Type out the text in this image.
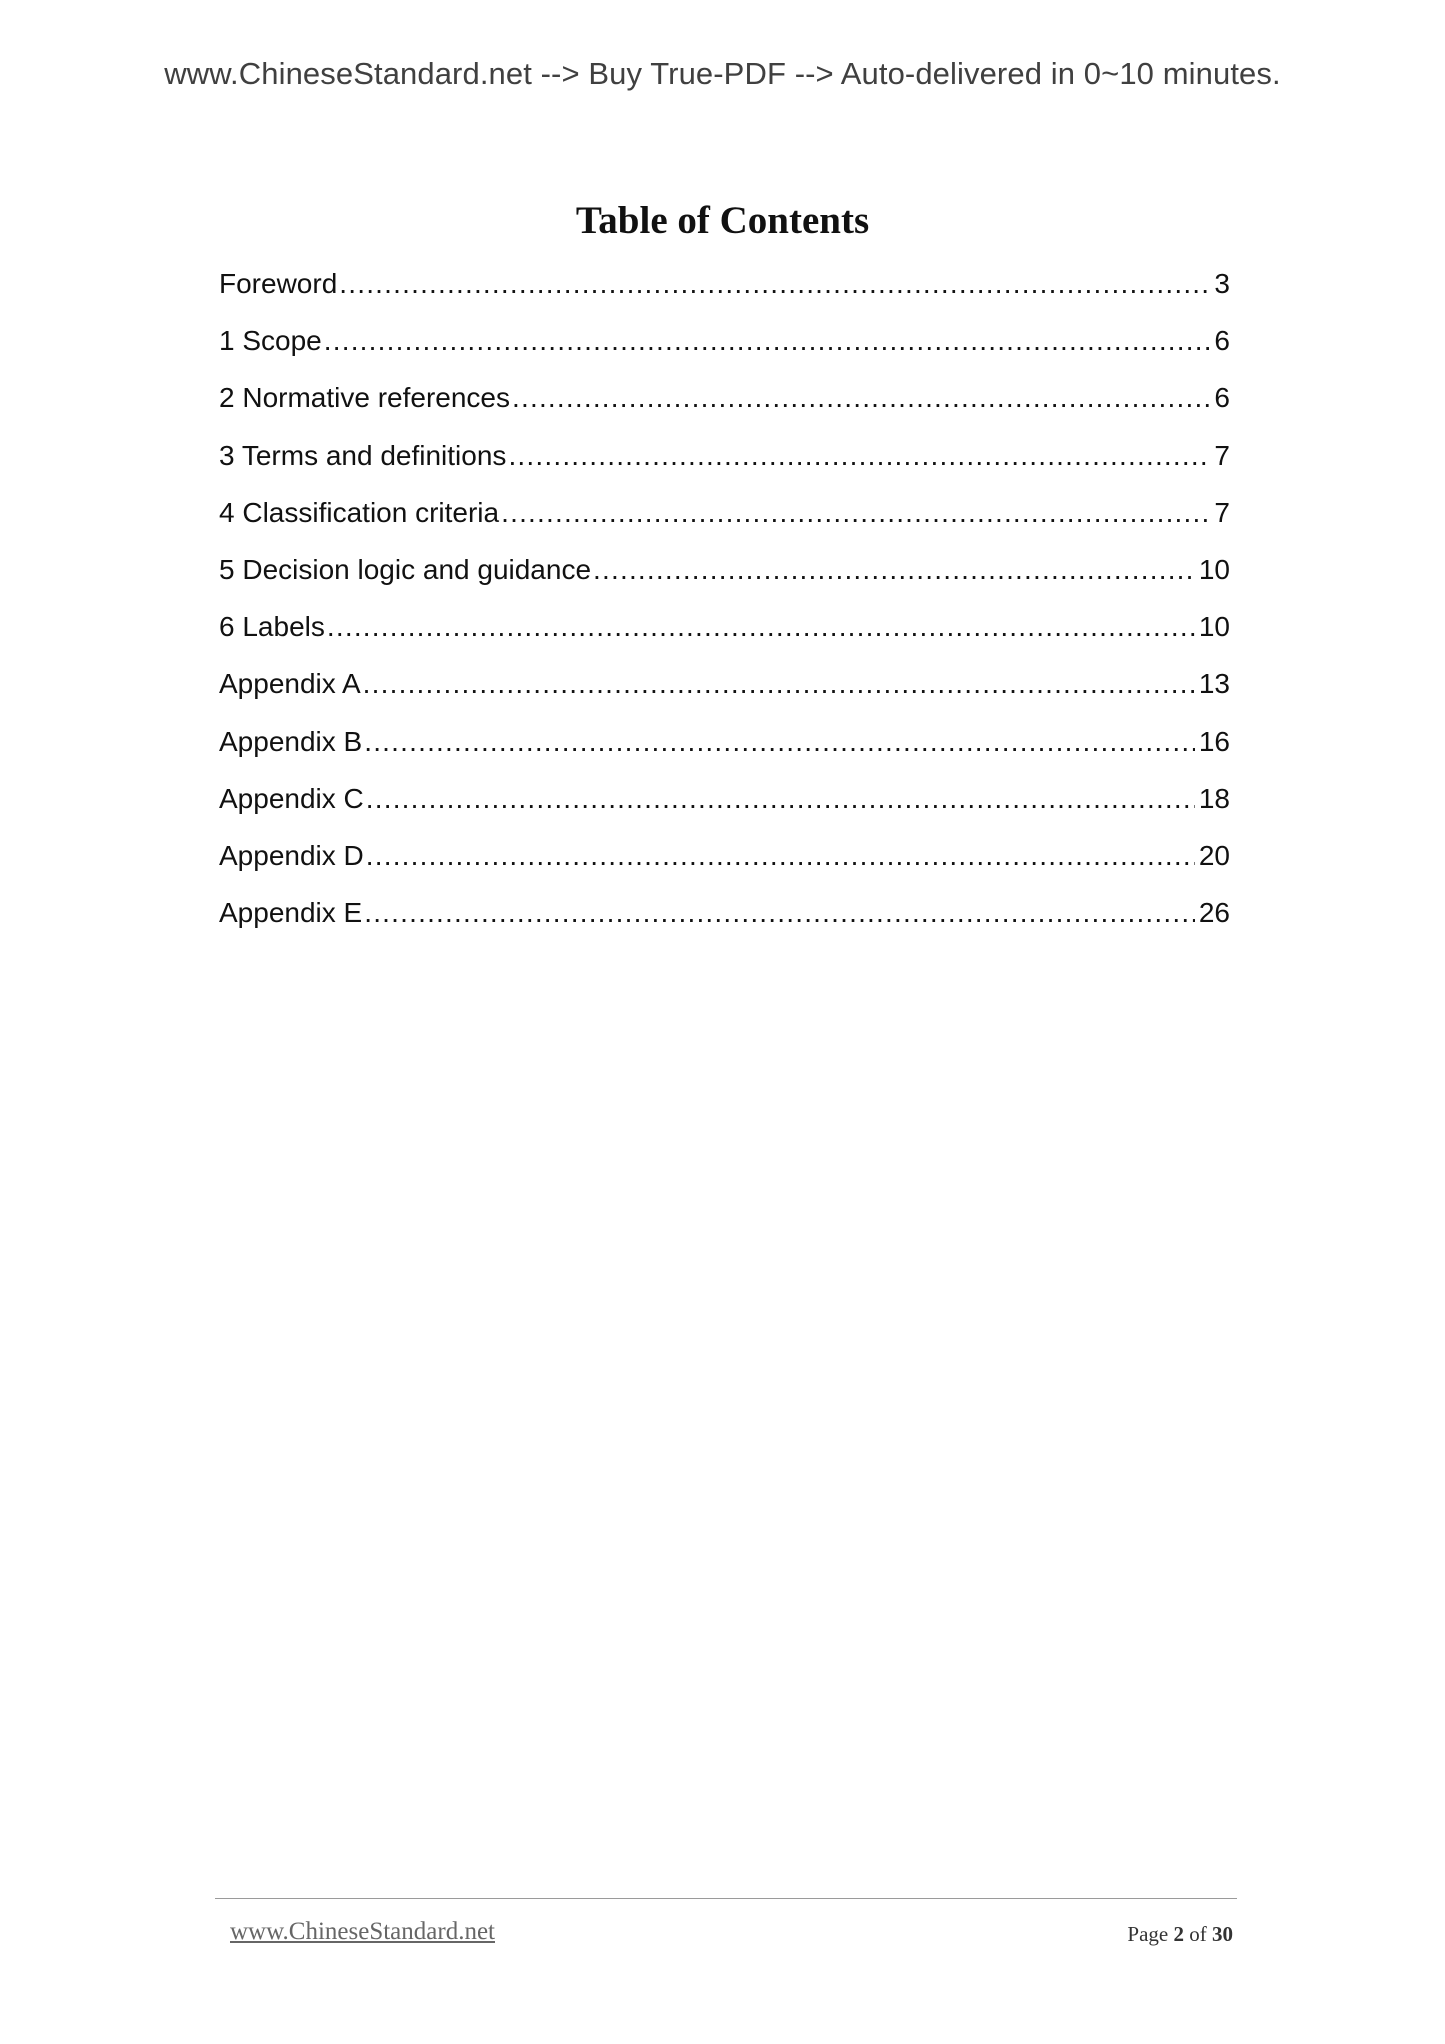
www.ChineseStandard.net --> Buy True-PDF --> Auto-delivered in 0~10 minutes.
Table of Contents
Foreword .....	3
1 Scope .....	6
2 Normative references .....	6
3 Terms and definitions .....	7
4 Classification criteria .....	7
5 Decision logic and guidance .....	10
6 Labels .....	10
Appendix A .....	13
Appendix B .....	16
Appendix C .....	18
Appendix D .....	20
Appendix E .....	26
www.ChineseStandard.net	Page 2 of 30
